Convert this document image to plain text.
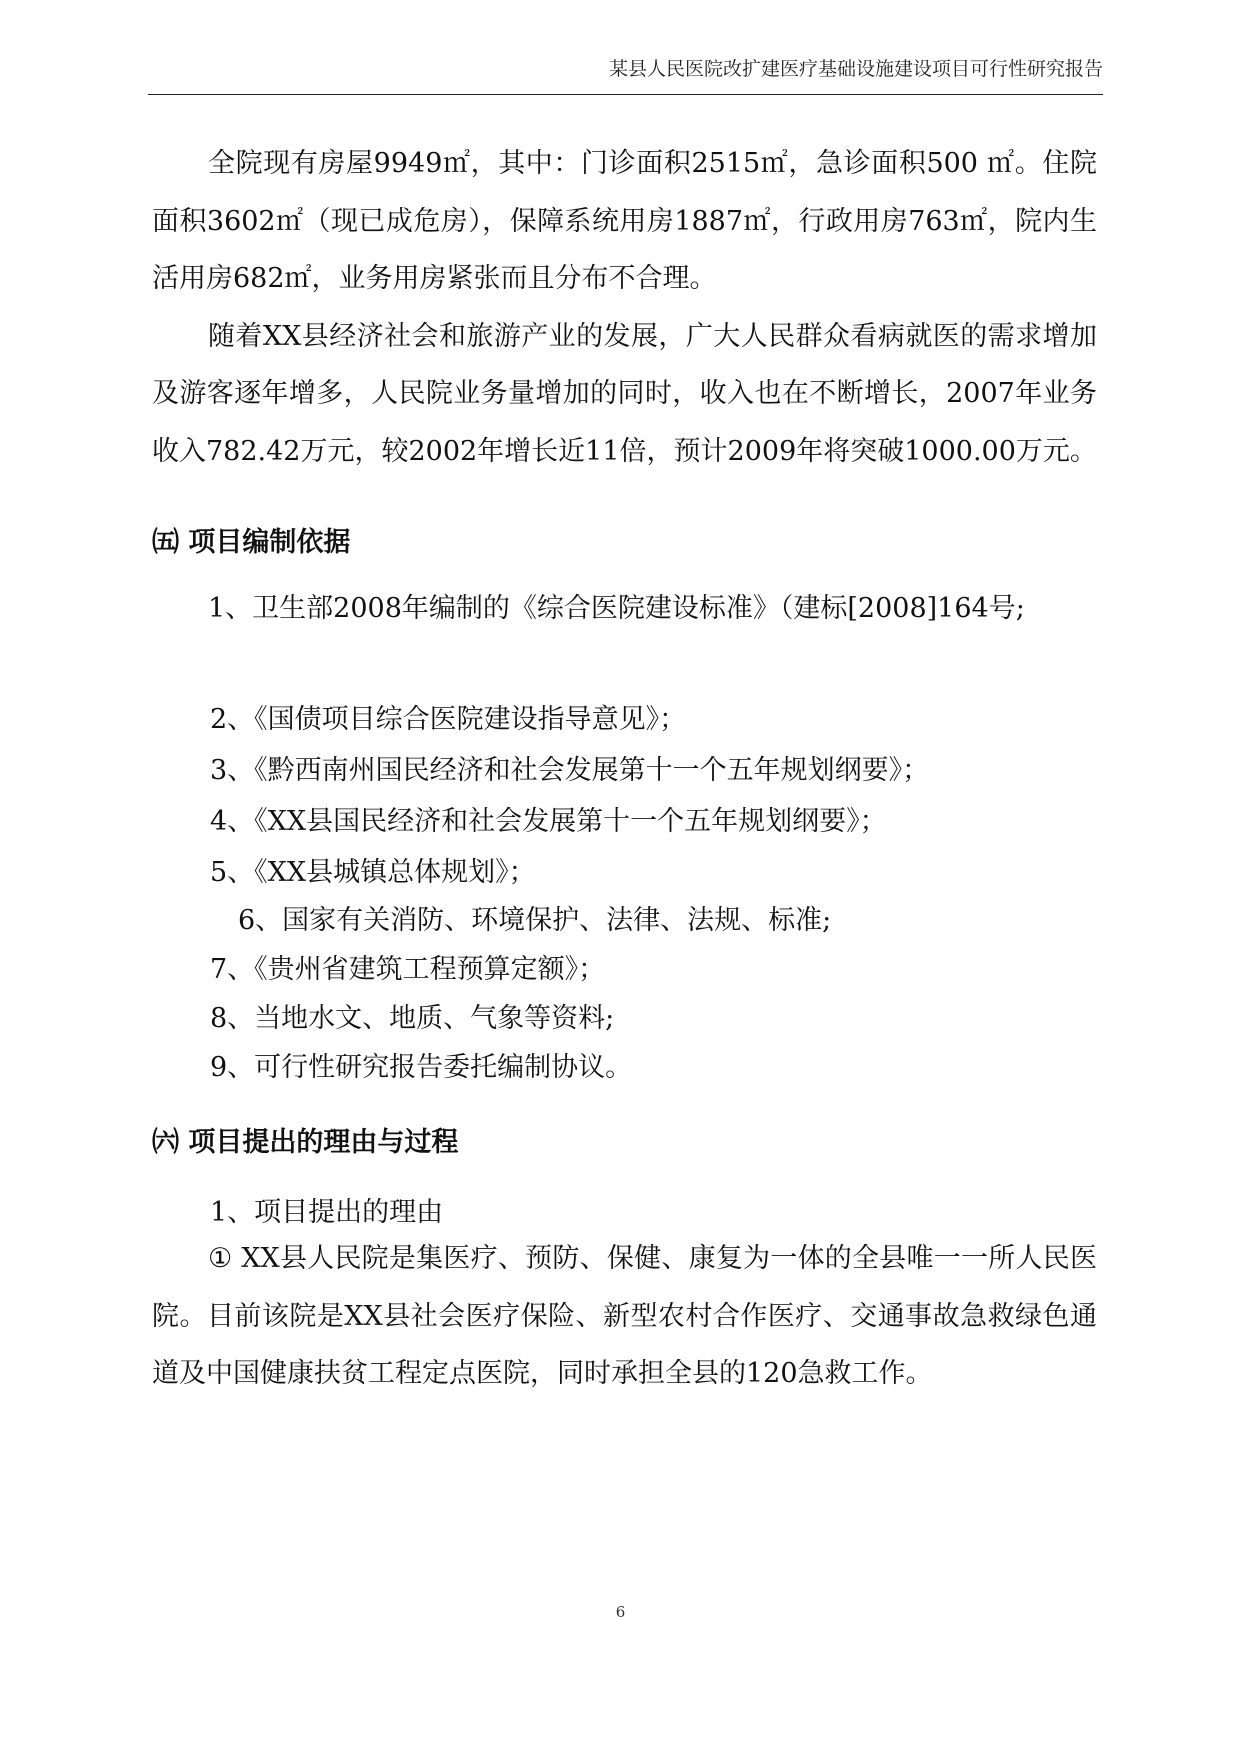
某县人民医院改扩建医疗基础设施建设项目可行性研究报告

全院现有房屋9949㎡，其中：门诊面积2515㎡，急诊面积500 ㎡。住院面积3602㎡（现已成危房），保障系统用房1887㎡，行政用房763㎡，院内生活用房682㎡，业务用房紧张而且分布不合理。

随着XX县经济社会和旅游产业的发展，广大人民群众看病就医的需求增加及游客逐年增多，人民院业务量增加的同时，收入也在不断增长，2007年业务收入782.42万元，较2002年增长近11倍，预计2009年将突破1000.00万元。

㈤ 项目编制依据

1、卫生部2008年编制的《综合医院建设标准》（建标[2008]164号;

2、《国债项目综合医院建设指导意见》；
3、《黔西南州国民经济和社会发展第十一个五年规划纲要》；
4、《XX县国民经济和社会发展第十一个五年规划纲要》；
5、《XX县城镇总体规划》；
6、国家有关消防、环境保护、法律、法规、标准;
7、《贵州省建筑工程预算定额》；
8、当地水文、地质、气象等资料;
9、可行性研究报告委托编制协议。
㈥ 项目提出的理由与过程
1、项目提出的理由

① XX县人民院是集医疗、预防、保健、康复为一体的全县唯一一所人民医院。目前该院是XX县社会医疗保险、新型农村合作医疗、交通事故急救绿色通道及中国健康扶贫工程定点医院，同时承担全县的120急救工作。

6
